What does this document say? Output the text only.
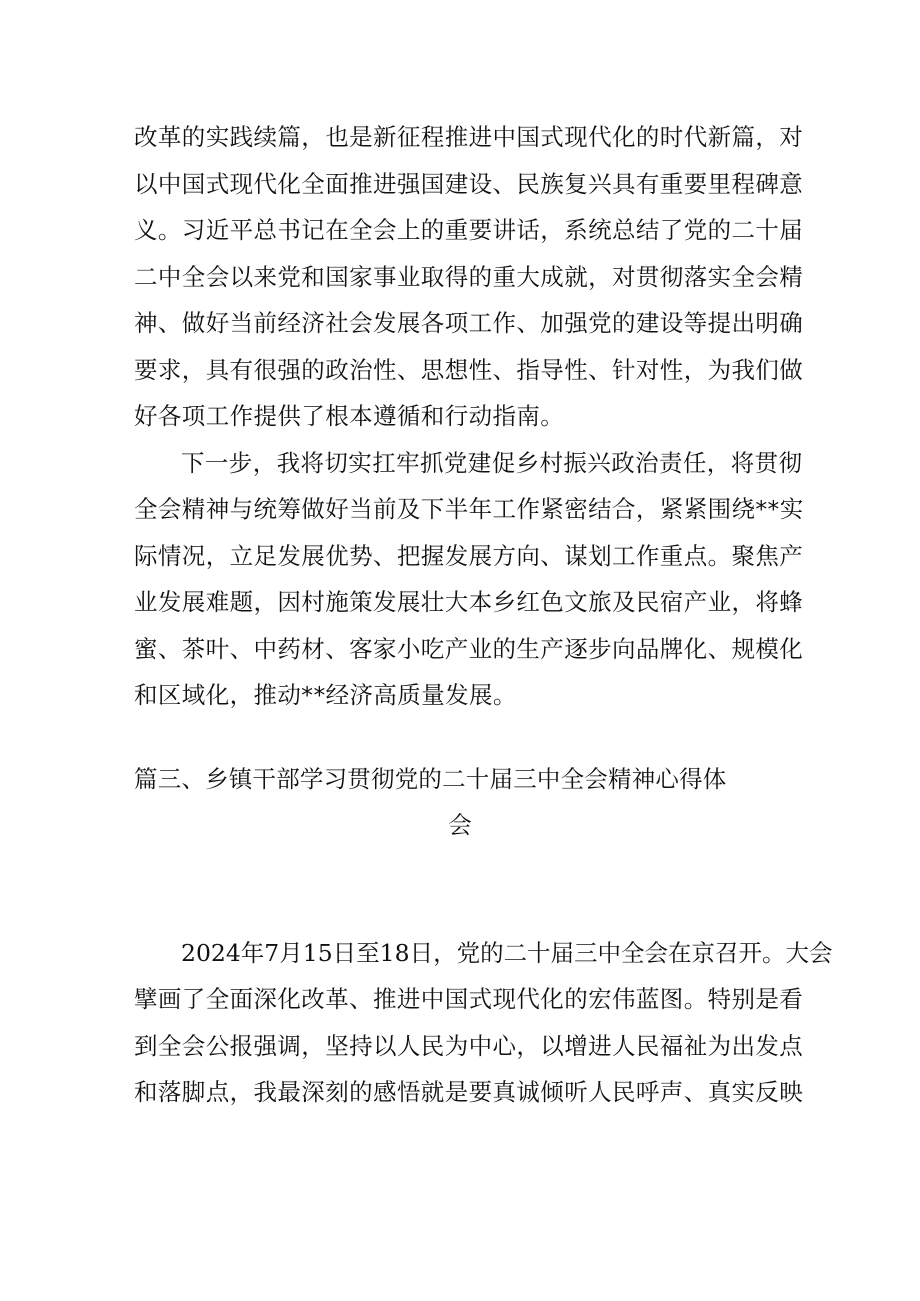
改革的实践续篇，也是新征程推进中国式现代化的时代新篇，对
以中国式现代化全面推进强国建设、民族复兴具有重要里程碑意
义。习近平总书记在全会上的重要讲话，系统总结了党的二十届
二中全会以来党和国家事业取得的重大成就，对贯彻落实全会精
神、做好当前经济社会发展各项工作、加强党的建设等提出明确
要求，具有很强的政治性、思想性、指导性、针对性，为我们做
好各项工作提供了根本遵循和行动指南。
下一步，我将切实扛牢抓党建促乡村振兴政治责任，将贯彻
全会精神与统筹做好当前及下半年工作紧密结合，紧紧围绕**实
际情况，立足发展优势、把握发展方向、谋划工作重点。聚焦产
业发展难题，因村施策发展壮大本乡红色文旅及民宿产业，将蜂
蜜、茶叶、中药材、客家小吃产业的生产逐步向品牌化、规模化
和区域化，推动**经济高质量发展。
篇三、乡镇干部学习贯彻党的二十届三中全会精神心得体
会
2024年7月15日至18日，党的二十届三中全会在京召开。大会
擘画了全面深化改革、推进中国式现代化的宏伟蓝图。特别是看
到全会公报强调，坚持以人民为中心，以增进人民福祉为出发点
和落脚点，我最深刻的感悟就是要真诚倾听人民呼声、真实反映
